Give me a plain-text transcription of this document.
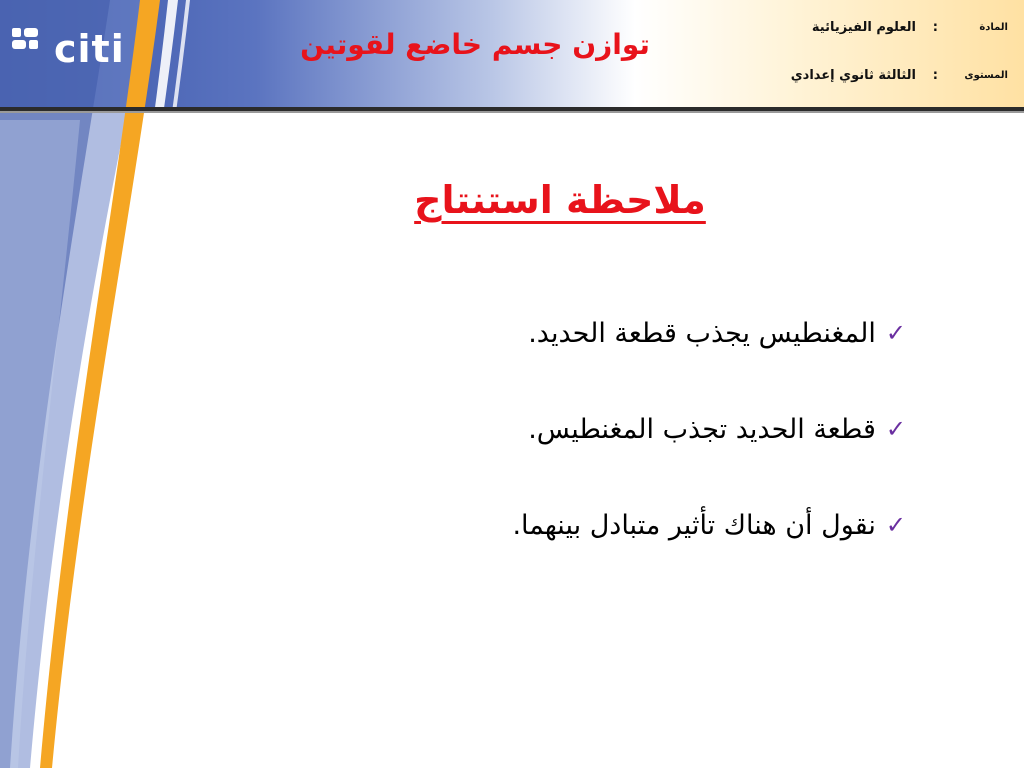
citi	توازن جسم خاضع لقوتين
المادة
:
العلوم الفيزيائية
المستوى
:
الثالثة ثانوي إعدادي
ملاحظة استنتاج
✓
المغنطيس يجذب قطعة الحديد.
✓
قطعة الحديد تجذب المغنطيس.
✓
نقول أن هناك تأثير متبادل بينهما.
